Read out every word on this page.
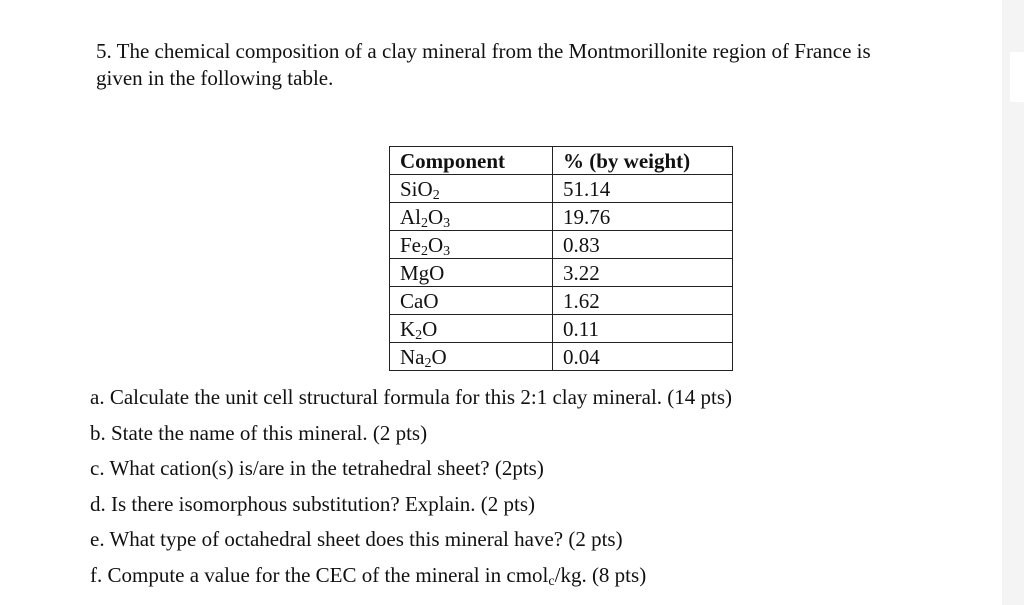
5. The chemical composition of a clay mineral from the Montmorillonite region of France is
given in the following table.
Component	% (by weight)
SiO$_2$	51.14
$Al_2O_3$	19.76
$Fe_2O_3$	0.83
MgO	3.22
CaO	1.62
$K_2O$	0.11
$Na_2O$	0.04
a. Calculate the unit cell structural formula for this 2:1 clay mineral. (14 pts)
b. State the name of this mineral. (2 pts)
c. What cation(s) is/are in the tetrahedral sheet? (2pts)
d. Is there isomorphous substitution? Explain. (2 pts)
e. What type of octahedral sheet does this mineral have? (2 pts)
f. Compute a value for the CEC of the mineral in cmol$_c$/kg. (8 pts)
